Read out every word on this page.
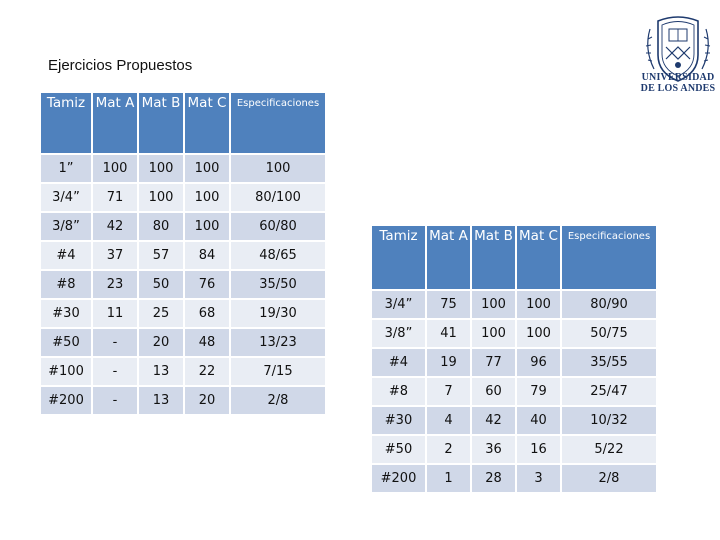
Ejercicios Propuestos
UNIVERSIDAD
DE LOS ANDES
Tamiz	Mat A	Mat B	Mat C	Especificaciones
1”	100	100	100	100
3/4”	71	100	100	80/100
3/8”	42	80	100	60/80
#4	37	57	84	48/65
#8	23	50	76	35/50
#30	11	25	68	19/30
#50	-	20	48	13/23
#100	-	13	22	7/15
#200	-	13	20	2/8
Tamiz	Mat A	Mat B	Mat C	Especificaciones
3/4”	75	100	100	80/90
3/8”	41	100	100	50/75
#4	19	77	96	35/55
#8	7	60	79	25/47
#30	4	42	40	10/32
#50	2	36	16	5/22
#200	1	28	3	2/8
